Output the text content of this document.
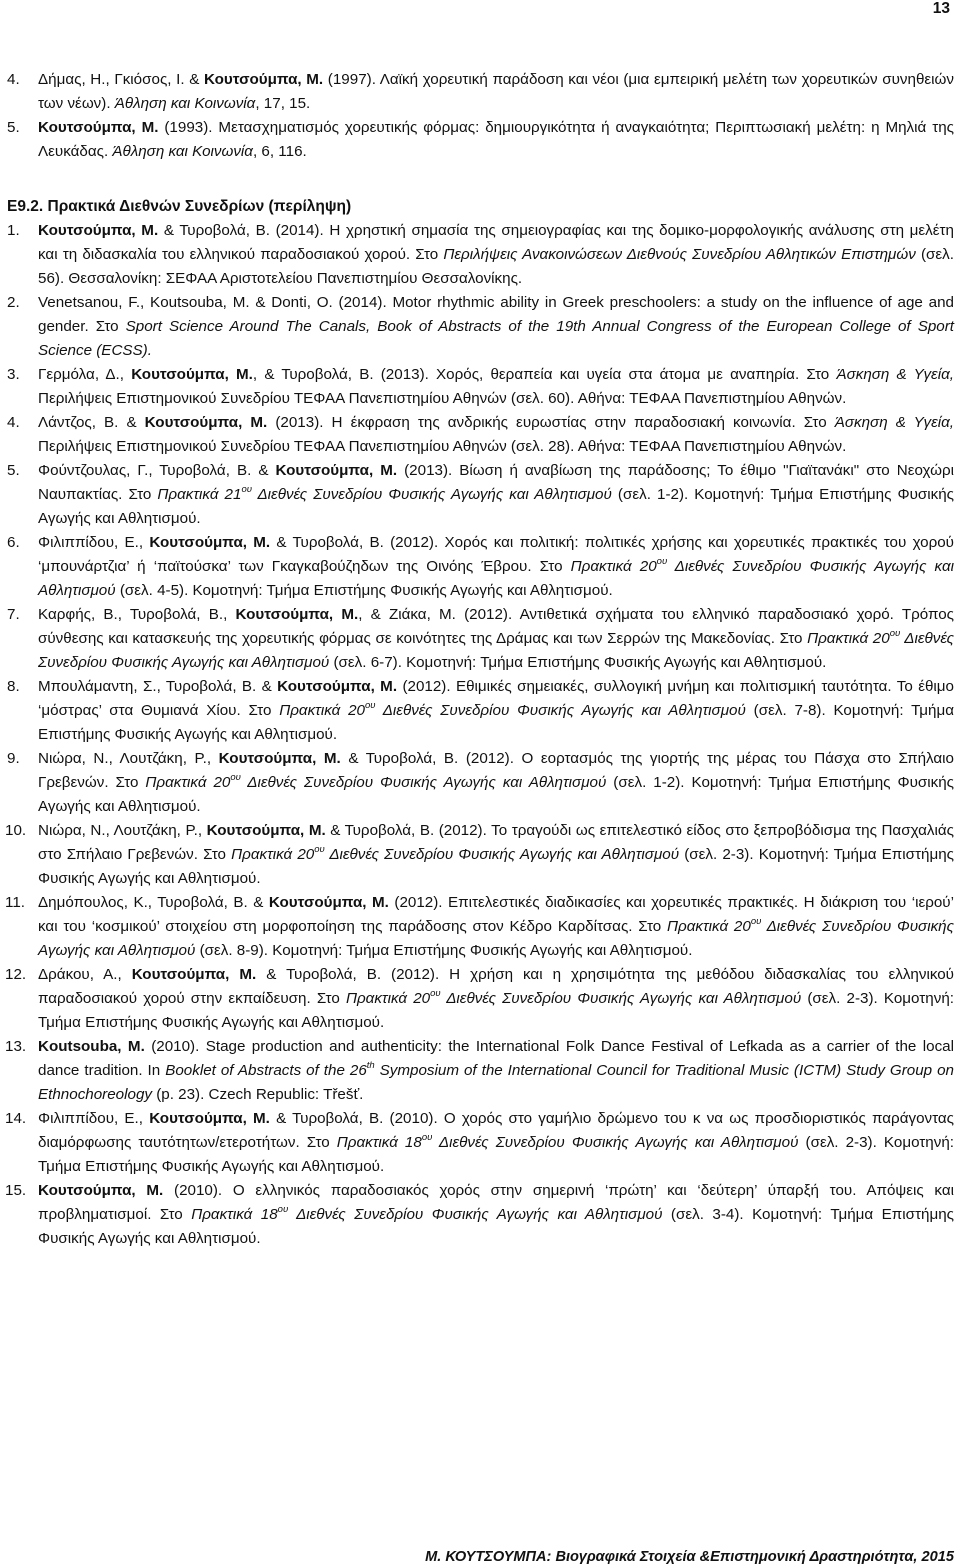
13
4. Δήμας, Η., Γκιόσος, Ι. & Κουτσούμπα, Μ. (1997). Λαϊκή χορευτική παράδοση και νέοι (μια εμπειρική μελέτη των χορευτικών συνηθειών των νέων). Άθληση και Κοινωνία, 17, 15.
5. Κουτσούμπα, Μ. (1993). Μετασχηματισμός χορευτικής φόρμας: δημιουργικότητα ή αναγκαιότητα; Περιπτωσιακή μελέτη: η Μηλιά της Λευκάδας. Άθληση και Κοινωνία, 6, 116.
Ε9.2. Πρακτικά Διεθνών Συνεδρίων (περίληψη)
1. Κουτσούμπα, Μ. & Τυροβολά, Β. (2014). Η χρηστική σημασία της σημειογραφίας και της δομικο-μορφολογικής ανάλυσης στη μελέτη και τη διδασκαλία του ελληνικού παραδοσιακού χορού. Στο Περιλήψεις Ανακοινώσεων Διεθνούς Συνεδρίου Αθλητικών Επιστημών (σελ. 56). Θεσσαλονίκη: ΣΕΦΑΑ Αριστοτελείου Πανεπιστημίου Θεσσαλονίκης.
2. Venetsanou, F., Koutsouba, M. & Donti, O. (2014). Motor rhythmic ability in Greek preschoolers: a study on the influence of age and gender. Στο Sport Science Around The Canals, Book of Abstracts of the 19th Annual Congress of the European College of Sport Science (ECSS).
3. Γερμόλα, Δ., Κουτσούμπα, Μ., & Τυροβολά, Β. (2013). Χορός, θεραπεία και υγεία στα άτομα με αναπηρία. Στο Άσκηση & Υγεία, Περιλήψεις Επιστημονικού Συνεδρίου ΤΕΦΑΑ Πανεπιστημίου Αθηνών (σελ. 60). Αθήνα: ΤΕΦΑΑ Πανεπιστημίου Αθηνών.
4. Λάντζος, Β. & Κουτσούμπα, Μ. (2013). Η έκφραση της ανδρικής ευρωστίας στην παραδοσιακή κοινωνία. Στο Άσκηση & Υγεία, Περιλήψεις Επιστημονικού Συνεδρίου ΤΕΦΑΑ Πανεπιστημίου Αθηνών (σελ. 28). Αθήνα: ΤΕΦΑΑ Πανεπιστημίου Αθηνών.
5. Φούντζουλας, Γ., Τυροβολά, Β. & Κουτσούμπα, Μ. (2013). Βίωση ή αναβίωση της παράδοσης; Το έθιμο "Γιαϊτανάκι" στο Νεοχώρι Ναυπακτίας. Στο Πρακτικά $21^{o\upsilon}$ Διεθνές Συνεδρίου Φυσικής Αγωγής και Αθλητισμού (σελ. 1-2). Κομοτηνή: Τμήμα Επιστήμης Φυσικής Αγωγής και Αθλητισμού.
6. Φιλιππίδου, Ε., Κουτσούμπα, Μ. & Τυροβολά, Β. (2012). Χορός και πολιτική: πολιτικές χρήσης και χορευτικές πρακτικές του χορού ‘μπουνάρτζια’ ή ‘παϊτούσκα’ των Γκαγκαβούζηδων της Οινόης Έβρου. Στο Πρακτικά $20^{o\upsilon}$ Διεθνές Συνεδρίου Φυσικής Αγωγής και Αθλητισμού (σελ. 4-5). Κομοτηνή: Τμήμα Επιστήμης Φυσικής Αγωγής και Αθλητισμού.
7. Καρφής, Β., Τυροβολά, Β., Κουτσούμπα, Μ., & Ζιάκα, Μ. (2012). Αντιθετικά σχήματα του ελληνικό παραδοσιακό χορό. Τρόπος σύνθεσης και κατασκευής της χορευτικής φόρμας σε κοινότητες της Δράμας και των Σερρών της Μακεδονίας. Στο Πρακτικά $20^{o\upsilon}$ Διεθνές Συνεδρίου Φυσικής Αγωγής και Αθλητισμού (σελ. 6-7). Κομοτηνή: Τμήμα Επιστήμης Φυσικής Αγωγής και Αθλητισμού.
8. Μπουλάμαντη, Σ., Τυροβολά, Β. & Κουτσούμπα, Μ. (2012). Εθιμικές σημειακές, συλλογική μνήμη και πολιτισμική ταυτότητα. Το έθιμο ‘μόστρας’ στα Θυμιανά Χίου. Στο Πρακτικά $20^{o\upsilon}$ Διεθνές Συνεδρίου Φυσικής Αγωγής και Αθλητισμού (σελ. 7-8). Κομοτηνή: Τμήμα Επιστήμης Φυσικής Αγωγής και Αθλητισμού.
9. Νιώρα, Ν., Λουτζάκη, Ρ., Κουτσούμπα, Μ. & Τυροβολά, Β. (2012). Ο εορτασμός της γιορτής της μέρας του Πάσχα στο Σπήλαιο Γρεβενών. Στο Πρακτικά $20^{o\upsilon}$ Διεθνές Συνεδρίου Φυσικής Αγωγής και Αθλητισμού (σελ. 1-2). Κομοτηνή: Τμήμα Επιστήμης Φυσικής Αγωγής και Αθλητισμού.
10. Νιώρα, Ν., Λουτζάκη, Ρ., Κουτσούμπα, Μ. & Τυροβολά, Β. (2012). Το τραγούδι ως επιτελεστικό είδος στο ξεπροβόδισμα της Πασχαλιάς στο Σπήλαιο Γρεβενών. Στο Πρακτικά $20^{o\upsilon}$ Διεθνές Συνεδρίου Φυσικής Αγωγής και Αθλητισμού (σελ. 2-3). Κομοτηνή: Τμήμα Επιστήμης Φυσικής Αγωγής και Αθλητισμού.
11. Δημόπουλος, Κ., Τυροβολά, Β. & Κουτσούμπα, Μ. (2012). Επιτελεστικές διαδικασίες και χορευτικές πρακτικές. Η διάκριση του ‘ιερού’ και του ‘κοσμικού’ στοιχείου στη μορφοποίηση της παράδοσης στον Κέδρο Καρδίτσας. Στο Πρακτικά $20^{o\upsilon}$ Διεθνές Συνεδρίου Φυσικής Αγωγής και Αθλητισμού (σελ. 8-9). Κομοτηνή: Τμήμα Επιστήμης Φυσικής Αγωγής και Αθλητισμού.
12. Δράκου, Α., Κουτσούμπα, Μ. & Τυροβολά, Β. (2012). Η χρήση και η χρησιμότητα της μεθόδου διδασκαλίας του ελληνικού παραδοσιακού χορού στην εκπαίδευση. Στο Πρακτικά $20^{o\upsilon}$ Διεθνές Συνεδρίου Φυσικής Αγωγής και Αθλητισμού (σελ. 2-3). Κομοτηνή: Τμήμα Επιστήμης Φυσικής Αγωγής και Αθλητισμού.
13. Koutsouba, M. (2010). Stage production and authenticity: the International Folk Dance Festival of Lefkada as a carrier of the local dance tradition. In Booklet of Abstracts of the 26th Symposium of the International Council for Traditional Music (ICTM) Study Group on Ethnochoreology (p. 23). Czech Republic: Třešť.
14. Φιλιππίδου, Ε., Κουτσούμπα, Μ. & Τυροβολά, Β. (2010). Ο χορός στο γαμήλιο δρώμενο του κ να ως προσδιοριστικός παράγοντας διαμόρφωσης ταυτότητων/ετεροτήτων. Στο Πρακτικά $18^{o\upsilon}$ Διεθνές Συνεδρίου Φυσικής Αγωγής και Αθλητισμού (σελ. 2-3). Κομοτηνή: Τμήμα Επιστήμης Φυσικής Αγωγής και Αθλητισμού.
15. Κουτσούμπα, Μ. (2010). Ο ελληνικός παραδοσιακός χορός στην σημερινή ‘πρώτη’ και ‘δεύτερη’ ύπαρξή του. Απόψεις και προβληματισμοί. Στο Πρακτικά $18^{o\upsilon}$ Διεθνές Συνεδρίου Φυσικής Αγωγής και Αθλητισμού (σελ. 3-4). Κομοτηνή: Τμήμα Επιστήμης Φυσικής Αγωγής και Αθλητισμού.
Μ. ΚΟΥΤΣΟΥΜΠΑ: Βιογραφικά Στοιχεία &Επιστημονική Δραστηριότητα, 2015
